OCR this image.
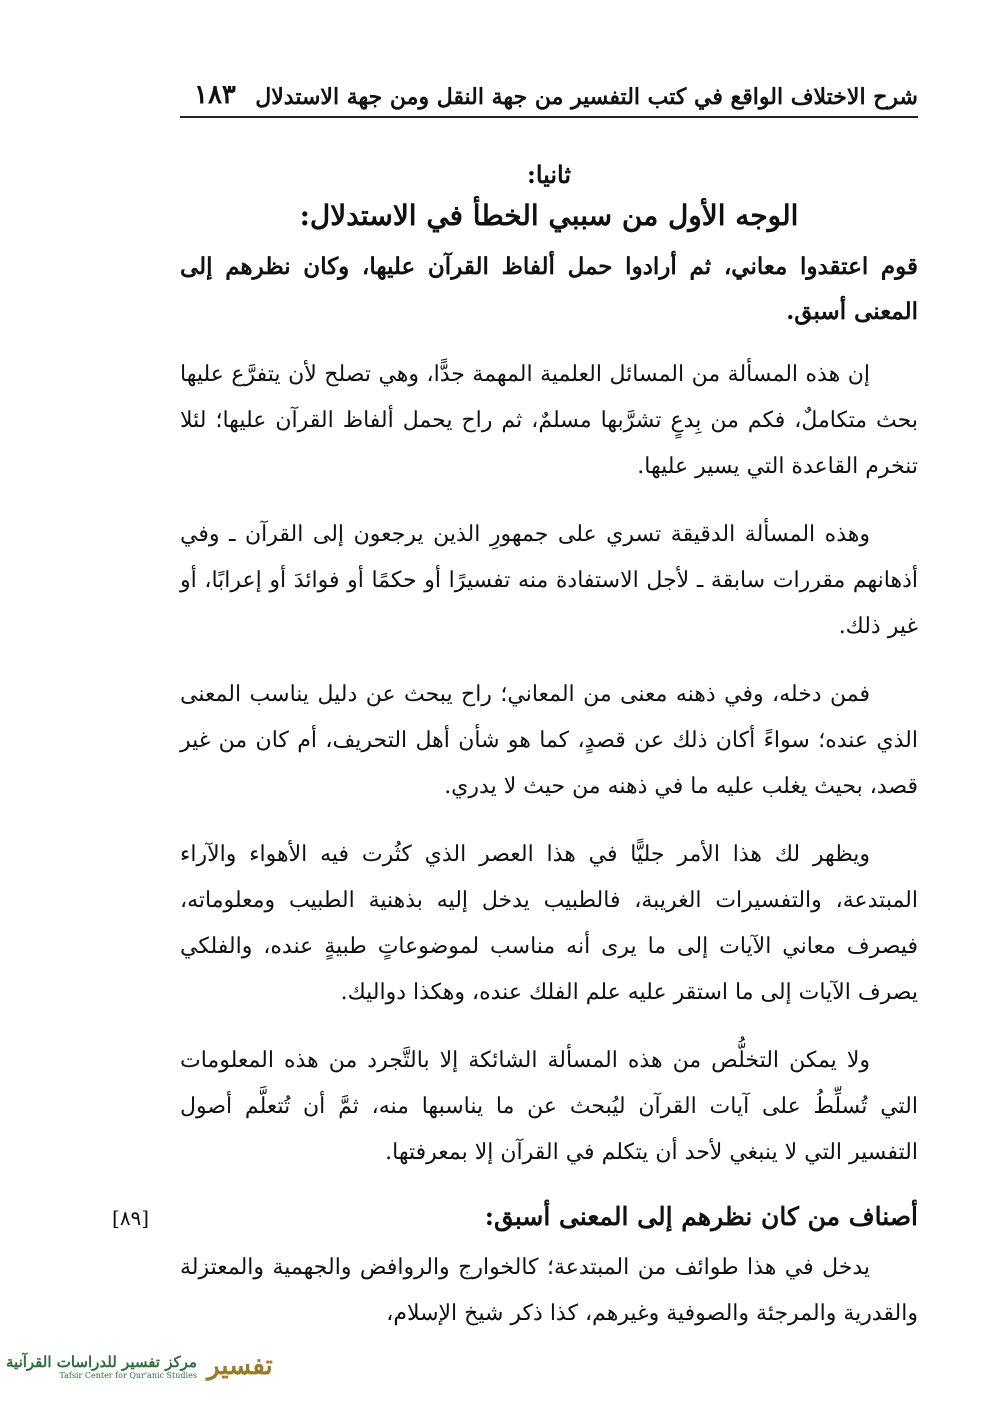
شرح الاختلاف الواقع في كتب التفسير من جهة النقل ومن جهة الاستدلال
١٨٣
ثانيا:
الوجه الأول من سببي الخطأ في الاستدلال:
قوم اعتقدوا معاني، ثم أرادوا حمل ألفاظ القرآن عليها، وكان نظرهم إلى المعنى أسبق.

إن هذه المسألة من المسائل العلمية المهمة جدًّا، وهي تصلح لأن يتفرَّع عليها بحث متكاملٌ، فكم من بِدعٍ تشرَّبها مسلمٌ، ثم راح يحمل ألفاظ القرآن عليها؛ لئلا تنخرم القاعدة التي يسير عليها.

وهذه المسألة الدقيقة تسري على جمهورِ الذين يرجعون إلى القرآن ـ وفي أذهانهم مقررات سابقة ـ لأجل الاستفادة منه تفسيرًا أو حكمًا أو فوائدَ أو إعرابًا، أو غير ذلك.

فمن دخله، وفي ذهنه معنى من المعاني؛ راح يبحث عن دليل يناسب المعنى الذي عنده؛ سواءً أكان ذلك عن قصدٍ، كما هو شأن أهل التحريف، أم كان من غير قصد، بحيث يغلب عليه ما في ذهنه من حيث لا يدري.

ويظهر لك هذا الأمر جليًّا في هذا العصر الذي كثُرت فيه الأهواء والآراء المبتدعة، والتفسيرات الغريبة، فالطبيب يدخل إليه بذهنية الطبيب ومعلوماته، فيصرف معاني الآيات إلى ما يرى أنه مناسب لموضوعاتٍ طبيةٍ عنده، والفلكي يصرف الآيات إلى ما استقر عليه علم الفلك عنده، وهكذا دواليك.

ولا يمكن التخلُّص من هذه المسألة الشائكة إلا بالتَّجرد من هذه المعلومات التي تُسلِّطُ على آيات القرآن ليُبحث عن ما يناسبها منه، ثمَّ أن تُتعلَّم أصول التفسير التي لا ينبغي لأحد أن يتكلم في القرآن إلا بمعرفتها.

أصناف من كان نظرهم إلى المعنى أسبق:
[٨٩]

يدخل في هذا طوائف من المبتدعة؛ كالخوارج والروافض والجهمية والمعتزلة والقدرية والمرجئة والصوفية وغيرهم، كذا ذكر شيخ الإسلام،

مركز تفسير للدراسات القرآنية
Tafsir Center for Qur'anic Studies تفسير
